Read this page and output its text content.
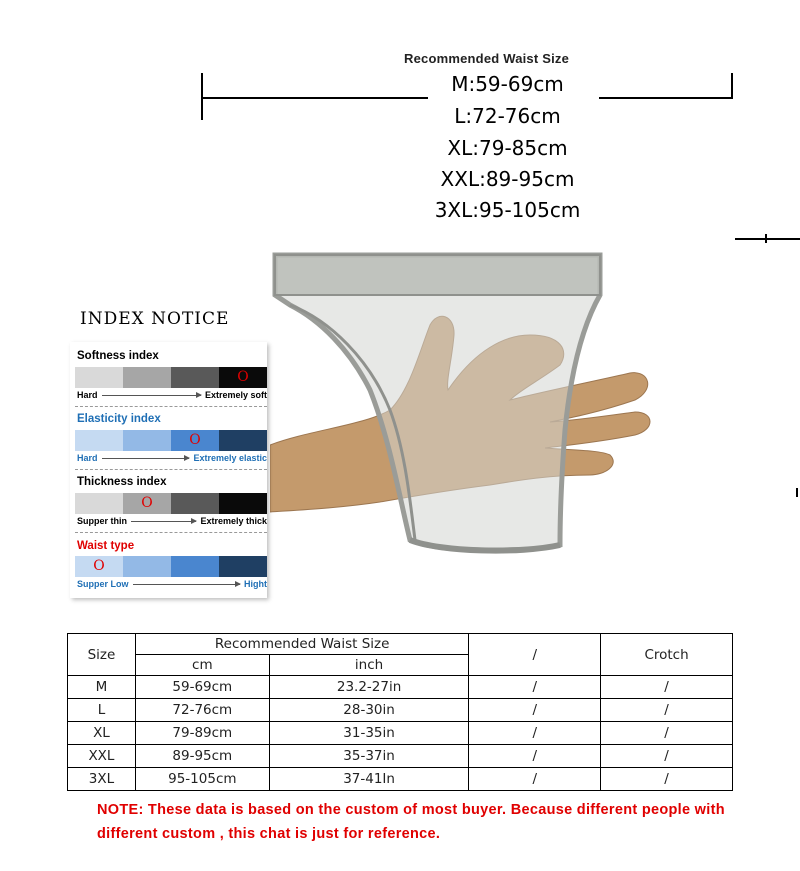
Recommended Waist Size
M:59-69cm
L:72-76cm
XL:79-85cm
XXL:89-95cm
3XL:95-105cm
INDEX NOTICE
Softness index
O
Hard	Extremely soft
Elasticity index
O
Hard	Extremely elastic
Thickness index
O
Supper thin	Extremely thick
Waist type
O
Supper Low	Hight
Size	Recommended Waist Size		/	Crotch
	cm	inch		
M	59-69cm	23.2-27in	/	/
L	72-76cm	28-30in	/	/
XL	79-89cm	31-35in	/	/
XXL	89-95cm	35-37in	/	/
3XL	95-105cm	37-41In	/	/
NOTE: These data is based on the custom of most buyer. Because different people with different custom , this chat is just for reference.
